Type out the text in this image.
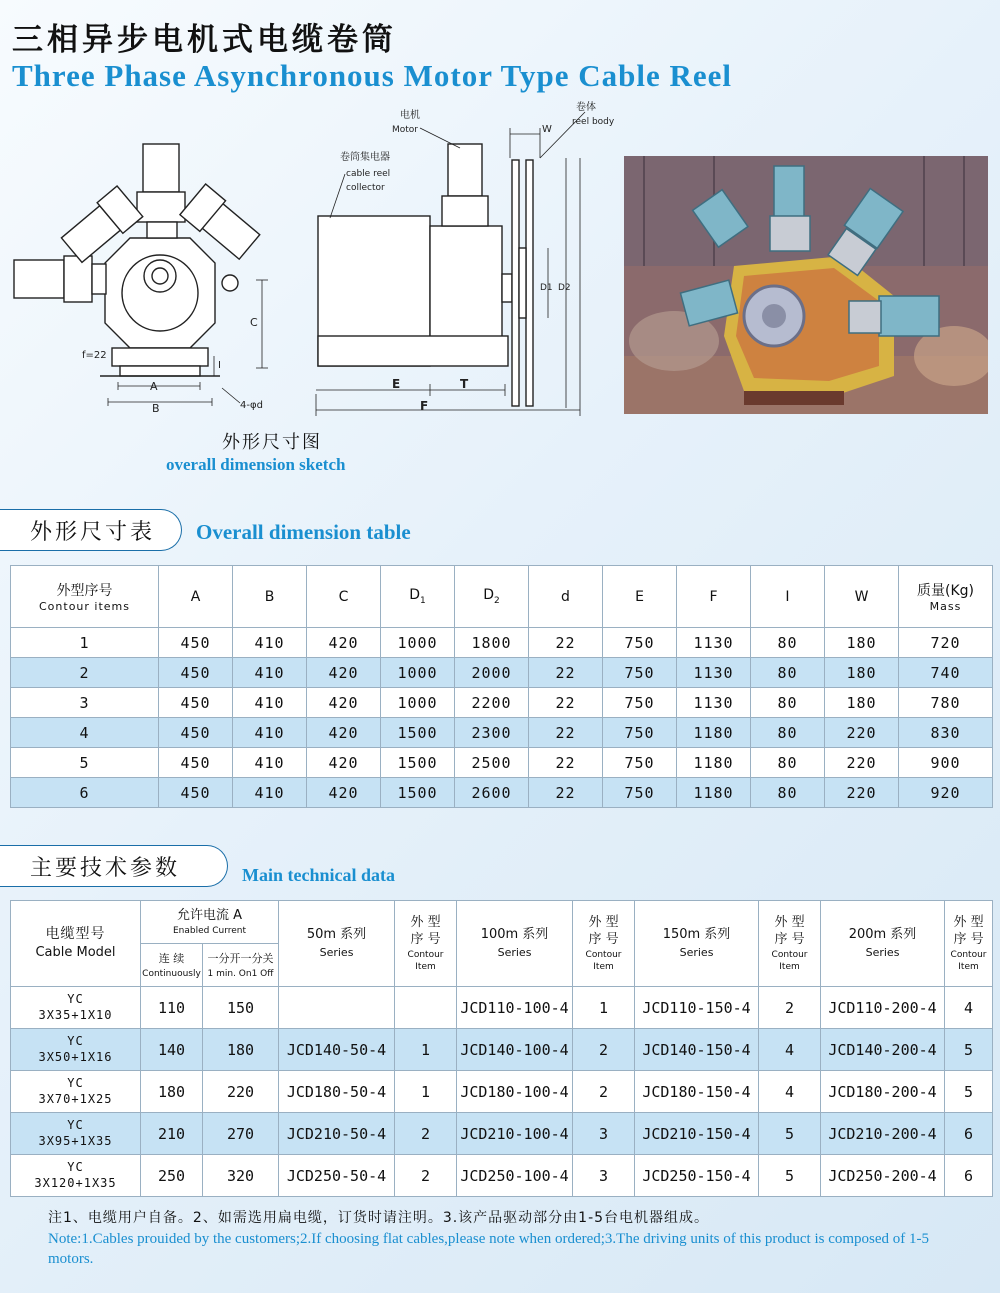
三相异步电机式电缆卷筒
Three Phase Asynchronous Motor Type Cable Reel
A
B
C
f=22
I
4-φd
E	T
F
W
D1 D2
电机
Motor
卷体
reel body
卷筒集电器
cable reel
collector
外形尺寸图
overall dimension sketch
外形尺寸表 Overall dimension table
外型序号
Contour items	A	B	C	$D_1$	$D_2$	d	E	F	I	W	质量(Kg)
Mass

1	450	410	420	1000	1800	22	750	1130	80	180	720
2	450	410	420	1000	2000	22	750	1130	80	180	740
3	450	410	420	1000	2200	22	750	1130	80	180	780
4	450	410	420	1500	2300	22	750	1180	80	220	830
5	450	410	420	1500	2500	22	750	1180	80	220	900
6	450	410	420	1500	2600	22	750	1180	80	220	920
主要技术参数	Main technical data
电缆型号
Cable Model	允许电流 A
Enabled Current		50m 系列
Series	外 型
序 号

Contour
Item	100m 系列
Series	外 型
序 号

Contour
Item	150m 系列
Series	外 型
序 号

Contour
Item	200m 系列
Series	外 型
序 号

Contour
Item

	连 续
Continuously	一分开一分关
1 min. On1 Off								

YC
3X35+1X10	110	150			JCD110-100-4	1	JCD110-150-4	2	JCD110-200-4	4
YC
3X50+1X16	140	180	JCD140-50-4	1	JCD140-100-4	2	JCD140-150-4	4	JCD140-200-4	5
YC
3X70+1X25	180	220	JCD180-50-4	1	JCD180-100-4	2	JCD180-150-4	4	JCD180-200-4	5
YC
3X95+1X35	210	270	JCD210-50-4	2	JCD210-100-4	3	JCD210-150-4	5	JCD210-200-4	6
YC
3X120+1X35	250	320	JCD250-50-4	2	JCD250-100-4	3	JCD250-150-4	5	JCD250-200-4	6
注1、电缆用户自备。2、如需选用扁电缆，订货时请注明。3.该产品驱动部分由1-5台电机器组成。
Note:1.Cables prouided by the customers;2.If choosing flat cables,please note when ordered;3.The driving units of this product is composed of 1-5 motors.
